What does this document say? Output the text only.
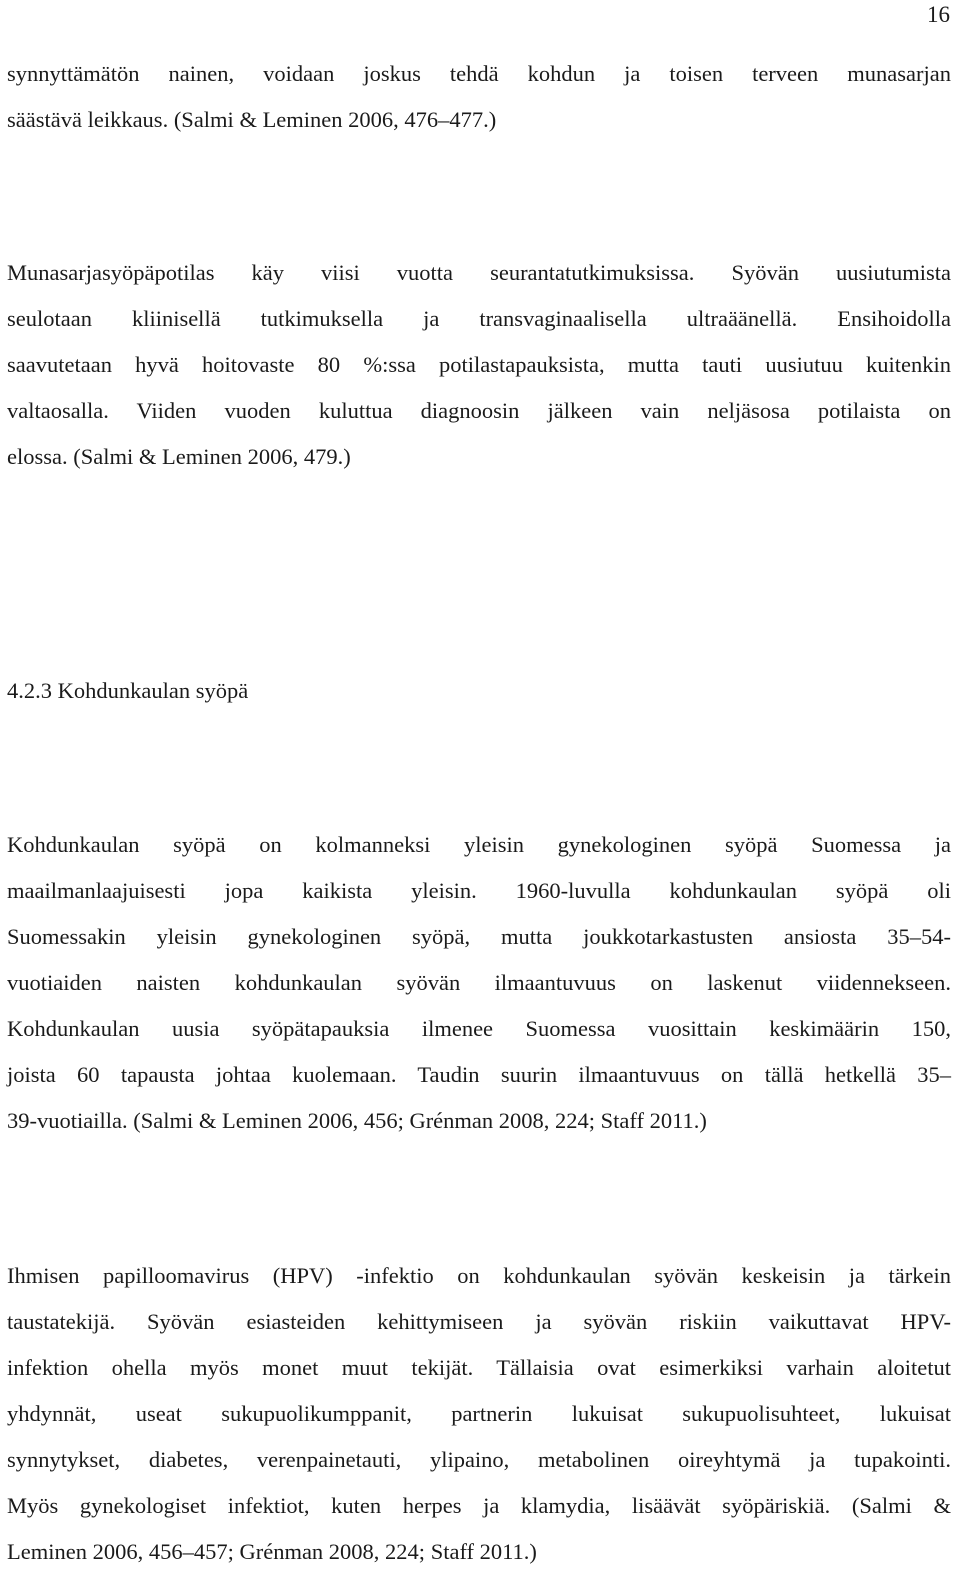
16
synnyttämätön nainen, voidaan joskus tehdä kohdun ja toisen terveen munasarjan
säästävä leikkaus. (Salmi & Leminen 2006, 476–477.)
Munasarjasyöpäpotilas käy viisi vuotta seurantatutkimuksissa. Syövän uusiutumista
seulotaan kliinisellä tutkimuksella ja transvaginaalisella ultraäänellä. Ensihoidolla
saavutetaan hyvä hoitovaste 80 %:ssa potilastapauksista, mutta tauti uusiutuu kuitenkin
valtaosalla. Viiden vuoden kuluttua diagnoosin jälkeen vain neljäsosa potilaista on
elossa. (Salmi & Leminen 2006, 479.)
4.2.3 Kohdunkaulan syöpä
Kohdunkaulan syöpä on kolmanneksi yleisin gynekologinen syöpä Suomessa ja
maailmanlaajuisesti jopa kaikista yleisin. 1960-luvulla kohdunkaulan syöpä oli
Suomessakin yleisin gynekologinen syöpä, mutta joukkotarkastusten ansiosta 35–54-
vuotiaiden naisten kohdunkaulan syövän ilmaantuvuus on laskenut viidennekseen.
Kohdunkaulan uusia syöpätapauksia ilmenee Suomessa vuosittain keskimäärin 150,
joista 60 tapausta johtaa kuolemaan. Taudin suurin ilmaantuvuus on tällä hetkellä 35–
39-vuotiailla. (Salmi & Leminen 2006, 456; Grénman 2008, 224; Staff 2011.)
Ihmisen papilloomavirus (HPV) -infektio on kohdunkaulan syövän keskeisin ja tärkein
taustatekijä. Syövän esiasteiden kehittymiseen ja syövän riskiin vaikuttavat HPV-
infektion ohella myös monet muut tekijät. Tällaisia ovat esimerkiksi varhain aloitetut
yhdynnät, useat sukupuolikumppanit, partnerin lukuisat sukupuolisuhteet, lukuisat
synnytykset, diabetes, verenpainetauti, ylipaino, metabolinen oireyhtymä ja tupakointi.
Myös gynekologiset infektiot, kuten herpes ja klamydia, lisäävät syöpäriskiä. (Salmi &
Leminen 2006, 456–457; Grénman 2008, 224; Staff 2011.)
